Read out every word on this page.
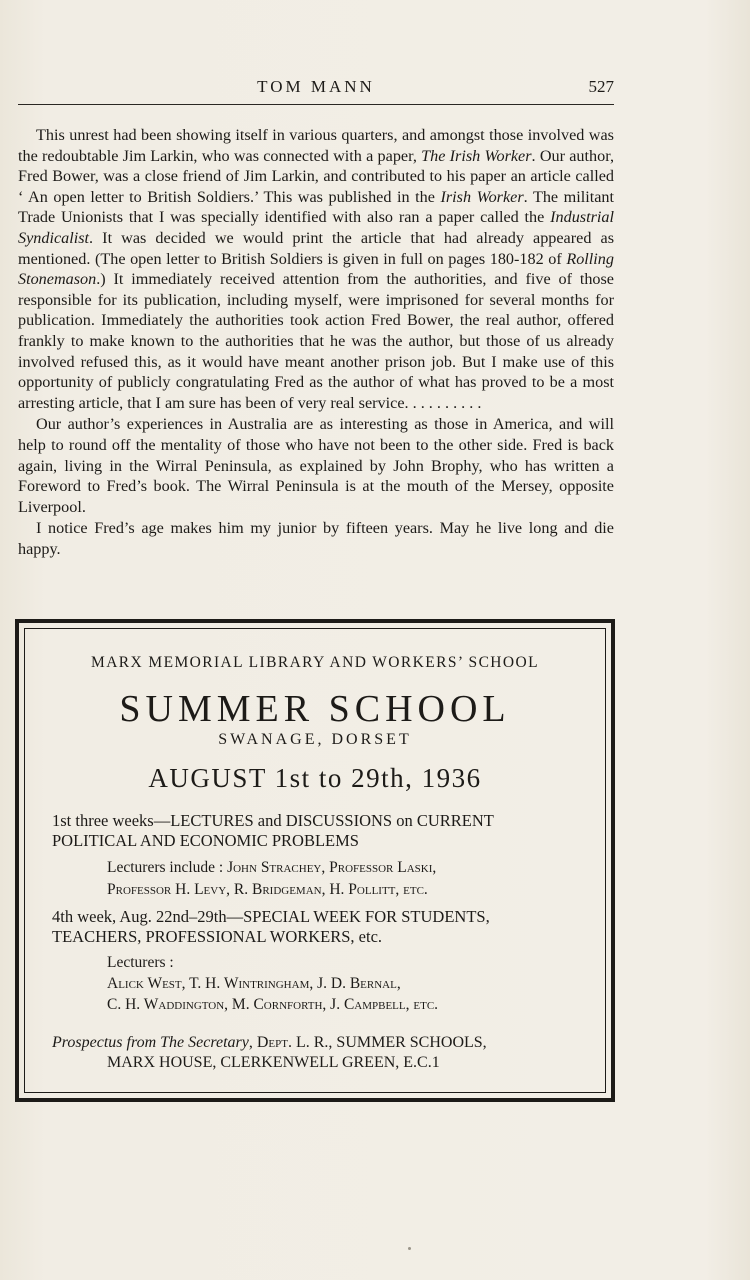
TOM MANN	527

This unrest had been showing itself in various quarters, and amongst those involved was the redoubtable Jim Larkin, who was connected with a paper, The Irish Worker. Our author, Fred Bower, was a close friend of Jim Larkin, and contributed to his paper an article called ‘ An open letter to British Soldiers.’ This was published in the Irish Worker. The militant Trade Unionists that I was specially identified with also ran a paper called the Industrial Syndicalist. It was decided we would print the article that had already appeared as mentioned. (The open letter to British Soldiers is given in full on pages 180-182 of Rolling Stonemason.) It immediately received attention from the authorities, and five of those responsible for its publication, including myself, were imprisoned for several months for publication. Immediately the authorities took action Fred Bower, the real author, offered frankly to make known to the authorities that he was the author, but those of us already involved refused this, as it would have meant another prison job. But I make use of this opportunity of publicly congratulating Fred as the author of what has proved to be a most arresting article, that I am sure has been of very real service. . . . . . . . . .

Our author’s experiences in Australia are as interesting as those in America, and will help to round off the mentality of those who have not been to the other side. Fred is back again, living in the Wirral Peninsula, as explained by John Brophy, who has written a Foreword to Fred’s book. The Wirral Peninsula is at the mouth of the Mersey, opposite Liverpool.

I notice Fred’s age makes him my junior by fifteen years. May he live long and die happy.

MARX MEMORIAL LIBRARY AND WORKERS’ SCHOOL
SUMMER SCHOOL
SWANAGE, DORSET
AUGUST 1st to 29th, 1936
1st three weeks—LECTURES and DISCUSSIONS on CURRENT
POLITICAL AND ECONOMIC PROBLEMS
Lecturers include : John Strachey, Professor Laski,
Professor H. Levy, R. Bridgeman, H. Pollitt, etc.
4th week, Aug. 22nd–29th—SPECIAL WEEK FOR STUDENTS,
TEACHERS, PROFESSIONAL WORKERS, etc.
Lecturers :
Alick West, T. H. Wintringham, J. D. Bernal,
C. H. Waddington, M. Cornforth, J. Campbell, etc.
Prospectus from The Secretary, Dept. L. R., SUMMER SCHOOLS,
MARX HOUSE, CLERKENWELL GREEN, E.C.1
